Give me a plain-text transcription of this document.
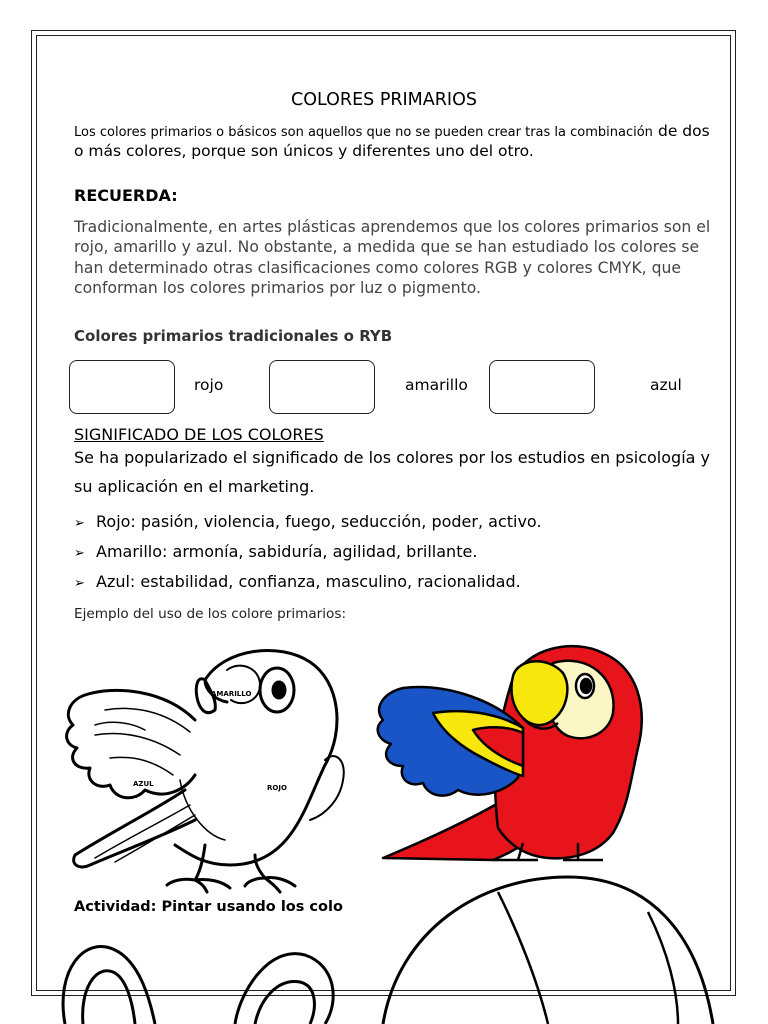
COLORES PRIMARIOS
Los colores primarios o básicos son aquellos que no se pueden crear tras la combinación de dos o más colores, porque son únicos y diferentes uno del otro.
RECUERDA:
Tradicionalmente, en artes plásticas aprendemos que los colores primarios son el rojo, amarillo y azul. No obstante, a medida que se han estudiado los colores se han determinado otras clasificaciones como colores RGB y colores CMYK, que conforman los colores primarios por luz o pigmento.
Colores primarios tradicionales o RYB
rojo	amarillo	azul
SIGNIFICADO DE LOS COLORES
Se ha popularizado el significado de los colores por los estudios en psicología y su aplicación en el marketing.
➢ Rojo: pasión, violencia, fuego, seducción, poder, activo.
➢ Amarillo: armonía, sabiduría, agilidad, brillante.
➢ Azul: estabilidad, confianza, masculino, racionalidad.
Ejemplo del uso de los colore primarios:
AMARILLO
AZUL	ROJO
Actividad: Pintar usando los colo
